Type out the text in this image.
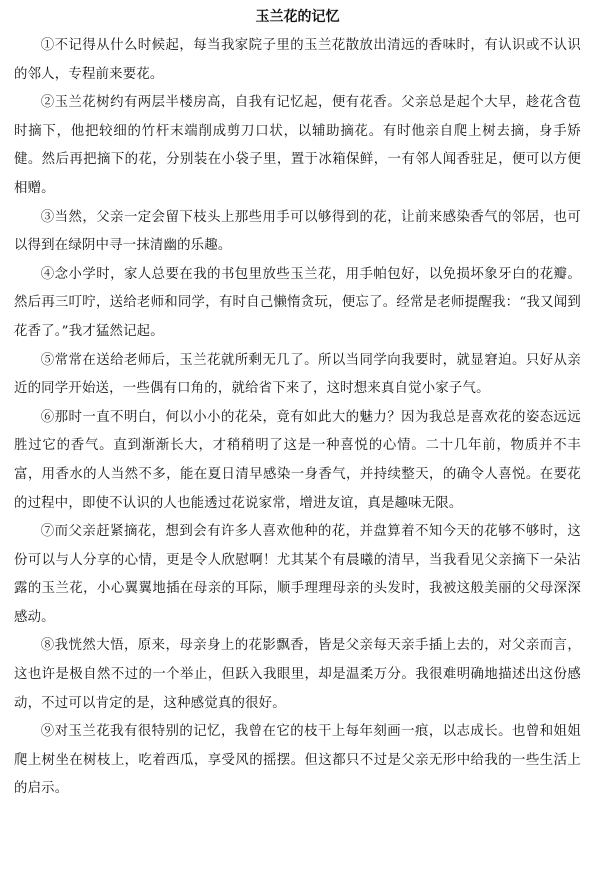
玉兰花的记忆

①不记得从什么时候起，每当我家院子里的玉兰花散放出清远的香味时，有认识或不认识的邻人，专程前来要花。

②玉兰花树约有两层半楼房高，自我有记忆起，便有花香。父亲总是起个大早，趁花含苞时摘下，他把较细的竹杆末端削成剪刀口状，以辅助摘花。有时他亲自爬上树去摘，身手矫健。然后再把摘下的花，分别装在小袋子里，置于冰箱保鲜，一有邻人闻香驻足，便可以方便相赠。

③当然，父亲一定会留下枝头上那些用手可以够得到的花，让前来感染香气的邻居，也可以得到在绿阴中寻一抹清幽的乐趣。

④念小学时，家人总要在我的书包里放些玉兰花，用手帕包好，以免损坏象牙白的花瓣。然后再三叮咛，送给老师和同学，有时自己懒惰贪玩，便忘了。经常是老师提醒我：“我又闻到花香了。”我才猛然记起。

⑤常常在送给老师后，玉兰花就所剩无几了。所以当同学向我要时，就显窘迫。只好从亲近的同学开始送，一些偶有口角的，就给省下来了，这时想来真自觉小家子气。

⑥那时一直不明白，何以小小的花朵，竟有如此大的魅力？因为我总是喜欢花的姿态远远胜过它的香气。直到渐渐长大，才稍稍明了这是一种喜悦的心情。二十几年前，物质并不丰富，用香水的人当然不多，能在夏日清早感染一身香气，并持续整天，的确令人喜悦。在要花的过程中，即使不认识的人也能透过花说家常，增进友谊，真是趣味无限。

⑦而父亲赶紧摘花，想到会有许多人喜欢他种的花，并盘算着不知今天的花够不够时，这份可以与人分享的心情，更是令人欣慰啊！尤其某个有晨曦的清早，当我看见父亲摘下一朵沾露的玉兰花，小心翼翼地插在母亲的耳际，顺手理理母亲的头发时，我被这般美丽的父母深深感动。

⑧我恍然大悟，原来，母亲身上的花影飘香，皆是父亲每天亲手插上去的，对父亲而言，这也许是极自然不过的一个举止，但跃入我眼里，却是温柔万分。我很难明确地描述出这份感动，不过可以肯定的是，这种感觉真的很好。

⑨对玉兰花我有很特别的记忆，我曾在它的枝干上每年刻画一痕，以志成长。也曾和姐姐爬上树坐在树枝上，吃着西瓜，享受风的摇摆。但这都只不过是父亲无形中给我的一些生活上的启示。
